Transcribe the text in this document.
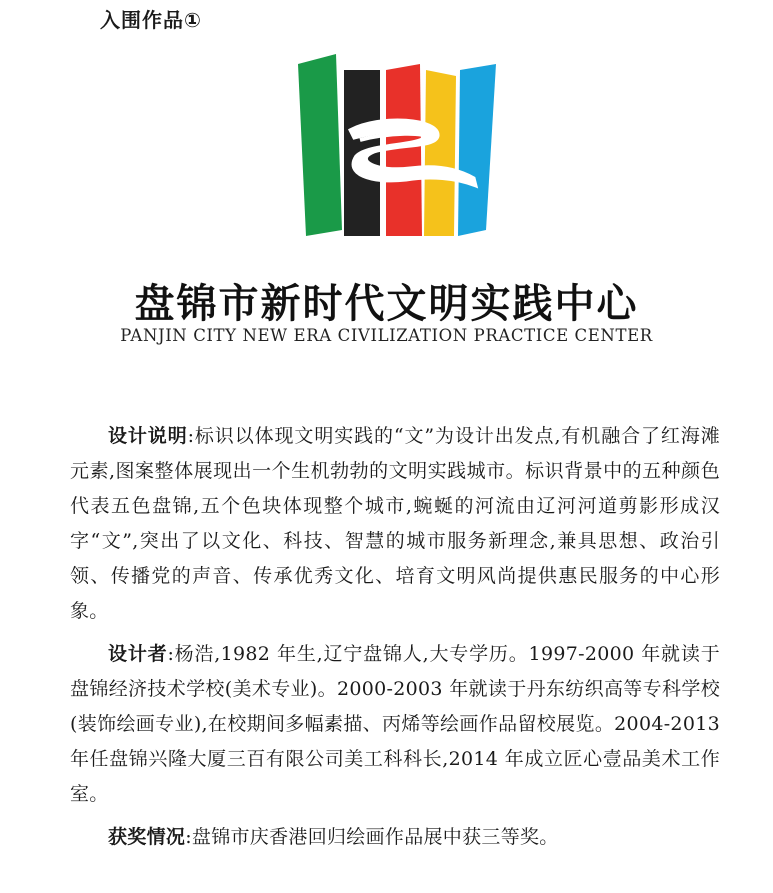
入围作品①
盘锦市新时代文明实践中心
PANJIN CITY NEW ERA CIVILIZATION PRACTICE CENTER

设计说明:标识以体现文明实践的“文”为设计出发点,有机融合了红海滩元素,图案整体展现出一个生机勃勃的文明实践城市。标识背景中的五种颜色代表五色盘锦,五个色块体现整个城市,蜿蜒的河流由辽河河道剪影形成汉字“文”,突出了以文化、科技、智慧的城市服务新理念,兼具思想、政治引领、传播党的声音、传承优秀文化、培育文明风尚提供惠民服务的中心形象。

设计者:杨浩,1982 年生,辽宁盘锦人,大专学历。1997-2000 年就读于盘锦经济技术学校(美术专业)。2000-2003 年就读于丹东纺织高等专科学校(装饰绘画专业),在校期间多幅素描、丙烯等绘画作品留校展览。2004-2013 年任盘锦兴隆大厦三百有限公司美工科科长,2014 年成立匠心壹品美术工作室。

获奖情况:盘锦市庆香港回归绘画作品展中获三等奖。
